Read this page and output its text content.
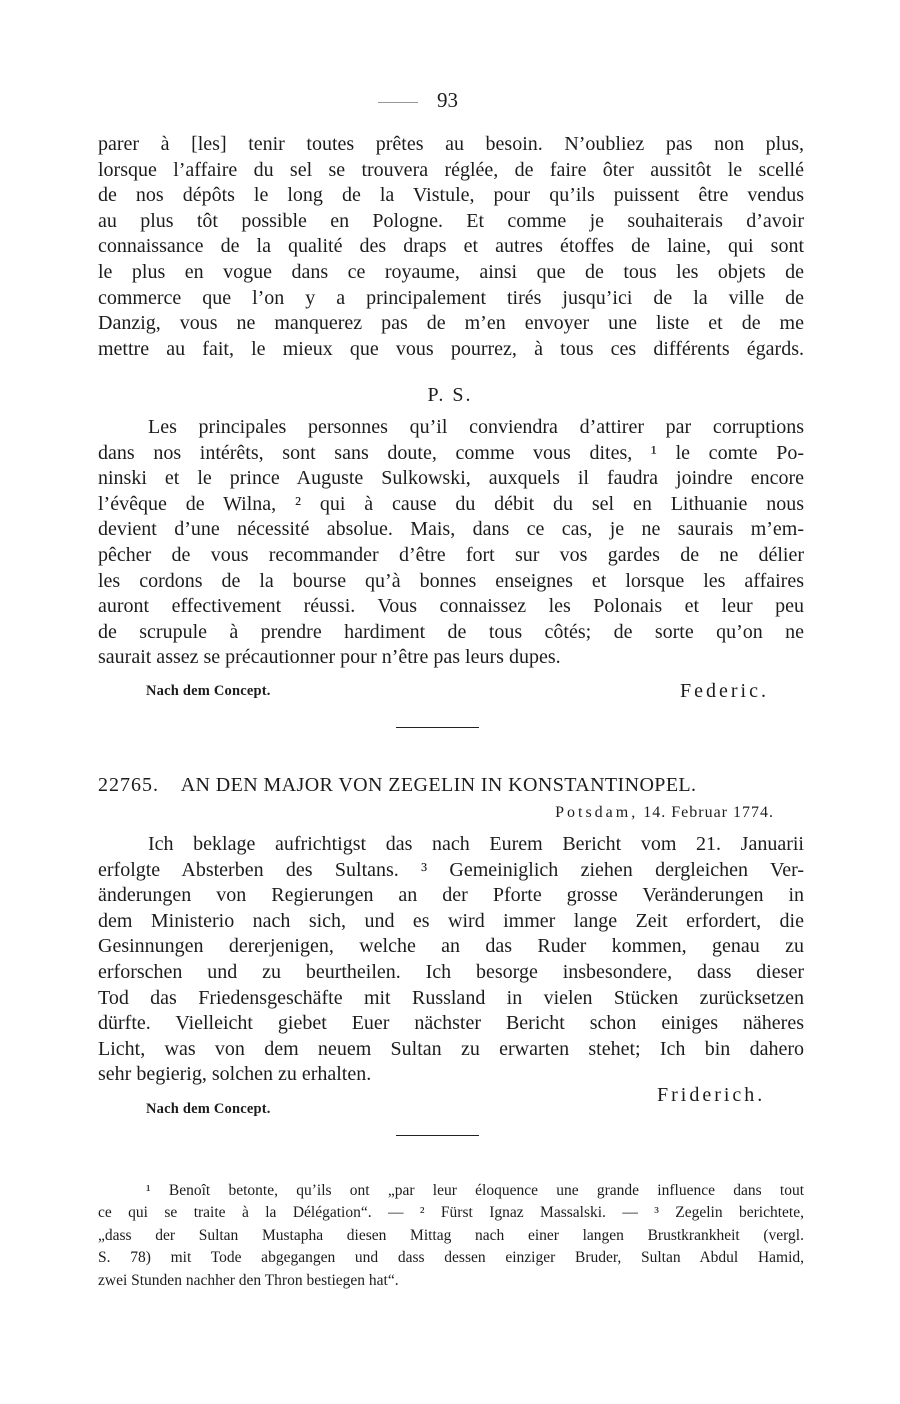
93
parer à [les] tenir toutes prêtes au besoin. N’oubliez pas non plus,
lorsque l’affaire du sel se trouvera réglée, de faire ôter aussitôt le scellé
de nos dépôts le long de la Vistule, pour qu’ils puissent être vendus
au plus tôt possible en Pologne. Et comme je souhaiterais d’avoir
connaissance de la qualité des draps et autres étoffes de laine, qui sont
le plus en vogue dans ce royaume, ainsi que de tous les objets de
commerce que l’on y a principalement tirés jusqu’ici de la ville de
Danzig, vous ne manquerez pas de m’en envoyer une liste et de me
mettre au fait, le mieux que vous pourrez, à tous ces différents égards.
P. S.
Les principales personnes qu’il conviendra d’attirer par corruptions
dans nos intérêts, sont sans doute, comme vous dites, ¹ le comte Po-
ninski et le prince Auguste Sulkowski, auxquels il faudra joindre encore
l’évêque de Wilna, ² qui à cause du débit du sel en Lithuanie nous
devient d’une nécessité absolue. Mais, dans ce cas, je ne saurais m’em-
pêcher de vous recommander d’être fort sur vos gardes de ne délier
les cordons de la bourse qu’à bonnes enseignes et lorsque les affaires
auront effectivement réussi. Vous connaissez les Polonais et leur peu
de scrupule à prendre hardiment de tous côtés; de sorte qu’on ne
saurait assez se précautionner pour n’être pas leurs dupes.
Nach dem Concept.	Federic.
22765. AN DEN MAJOR VON ZEGELIN IN KONSTANTINOPEL.
Potsdam, 14. Februar 1774.
Ich beklage aufrichtigst das nach Eurem Bericht vom 21. Januarii
erfolgte Absterben des Sultans. ³ Gemeiniglich ziehen dergleichen Ver-
änderungen von Regierungen an der Pforte grosse Veränderungen in
dem Ministerio nach sich, und es wird immer lange Zeit erfordert, die
Gesinnungen dererjenigen, welche an das Ruder kommen, genau zu
erforschen und zu beurtheilen. Ich besorge insbesondere, dass dieser
Tod das Friedensgeschäfte mit Russland in vielen Stücken zurücksetzen
dürfte. Vielleicht giebet Euer nächster Bericht schon einiges näheres
Licht, was von dem neuem Sultan zu erwarten stehet; Ich bin dahero
sehr begierig, solchen zu erhalten.
Friderich.
Nach dem Concept.
¹ Benoît betonte, qu’ils ont „par leur éloquence une grande influence dans tout
ce qui se traite à la Délégation“. — ² Fürst Ignaz Massalski. — ³ Zegelin berichtete,
„dass der Sultan Mustapha diesen Mittag nach einer langen Brustkrankheit (vergl.
S. 78) mit Tode abgegangen und dass dessen einziger Bruder, Sultan Abdul Hamid,
zwei Stunden nachher den Thron bestiegen hat“.
